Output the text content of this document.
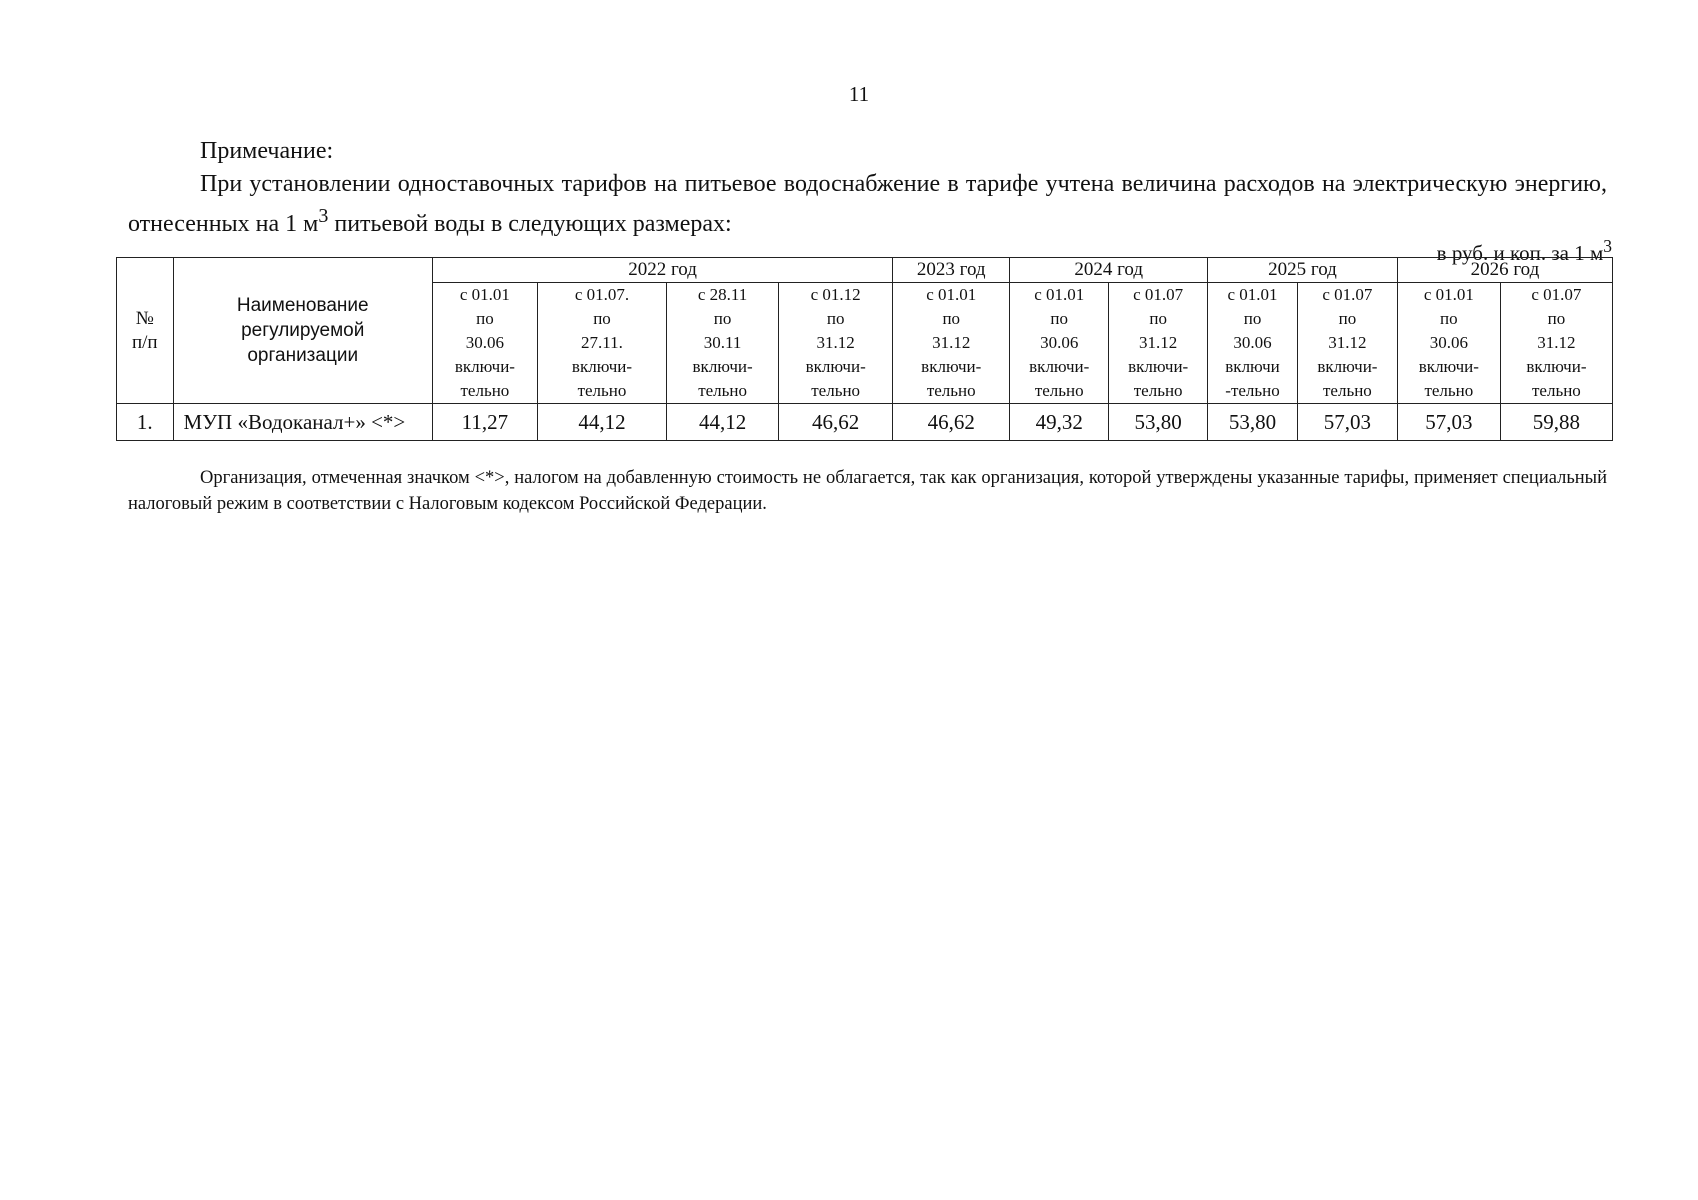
11
Примечание:
При установлении одноставочных тарифов на питьевое водоснабжение в тарифе учтена величина расходов на электрическую энергию, отнесенных на 1 $м^3$ питьевой воды в следующих размерах:
в руб. и коп. за 1 $м^3$
№
п/п	Наименование
регулируемой
организации	2022 год				2023 год	2024 год		2025 год		2026 год	

		с 01.01
по
30.06
включи-
тельно	с 01.07.
по
27.11.
включи-
тельно	с 28.11
по
30.11
включи-
тельно	с 01.12
по
31.12
включи-
тельно	с 01.01
по
31.12
включи-
тельно	с 01.01
по
30.06
включи-
тельно	с 01.07
по
31.12
включи-
тельно	с 01.01
по
30.06
включи
-тельно	с 01.07
по
31.12
включи-
тельно	с 01.01
по
30.06
включи-
тельно	с 01.07
по
31.12
включи-
тельно

1.	МУП «Водоканал+» <*>	11,27	44,12	44,12	46,62	46,62	49,32	53,80	53,80	57,03	57,03	59,88
Организация, отмеченная значком <*>, налогом на добавленную стоимость не облагается, так как организация, которой утверждены указанные тарифы, применяет специальный налоговый режим в соответствии с Налоговым кодексом Российской Федерации.
